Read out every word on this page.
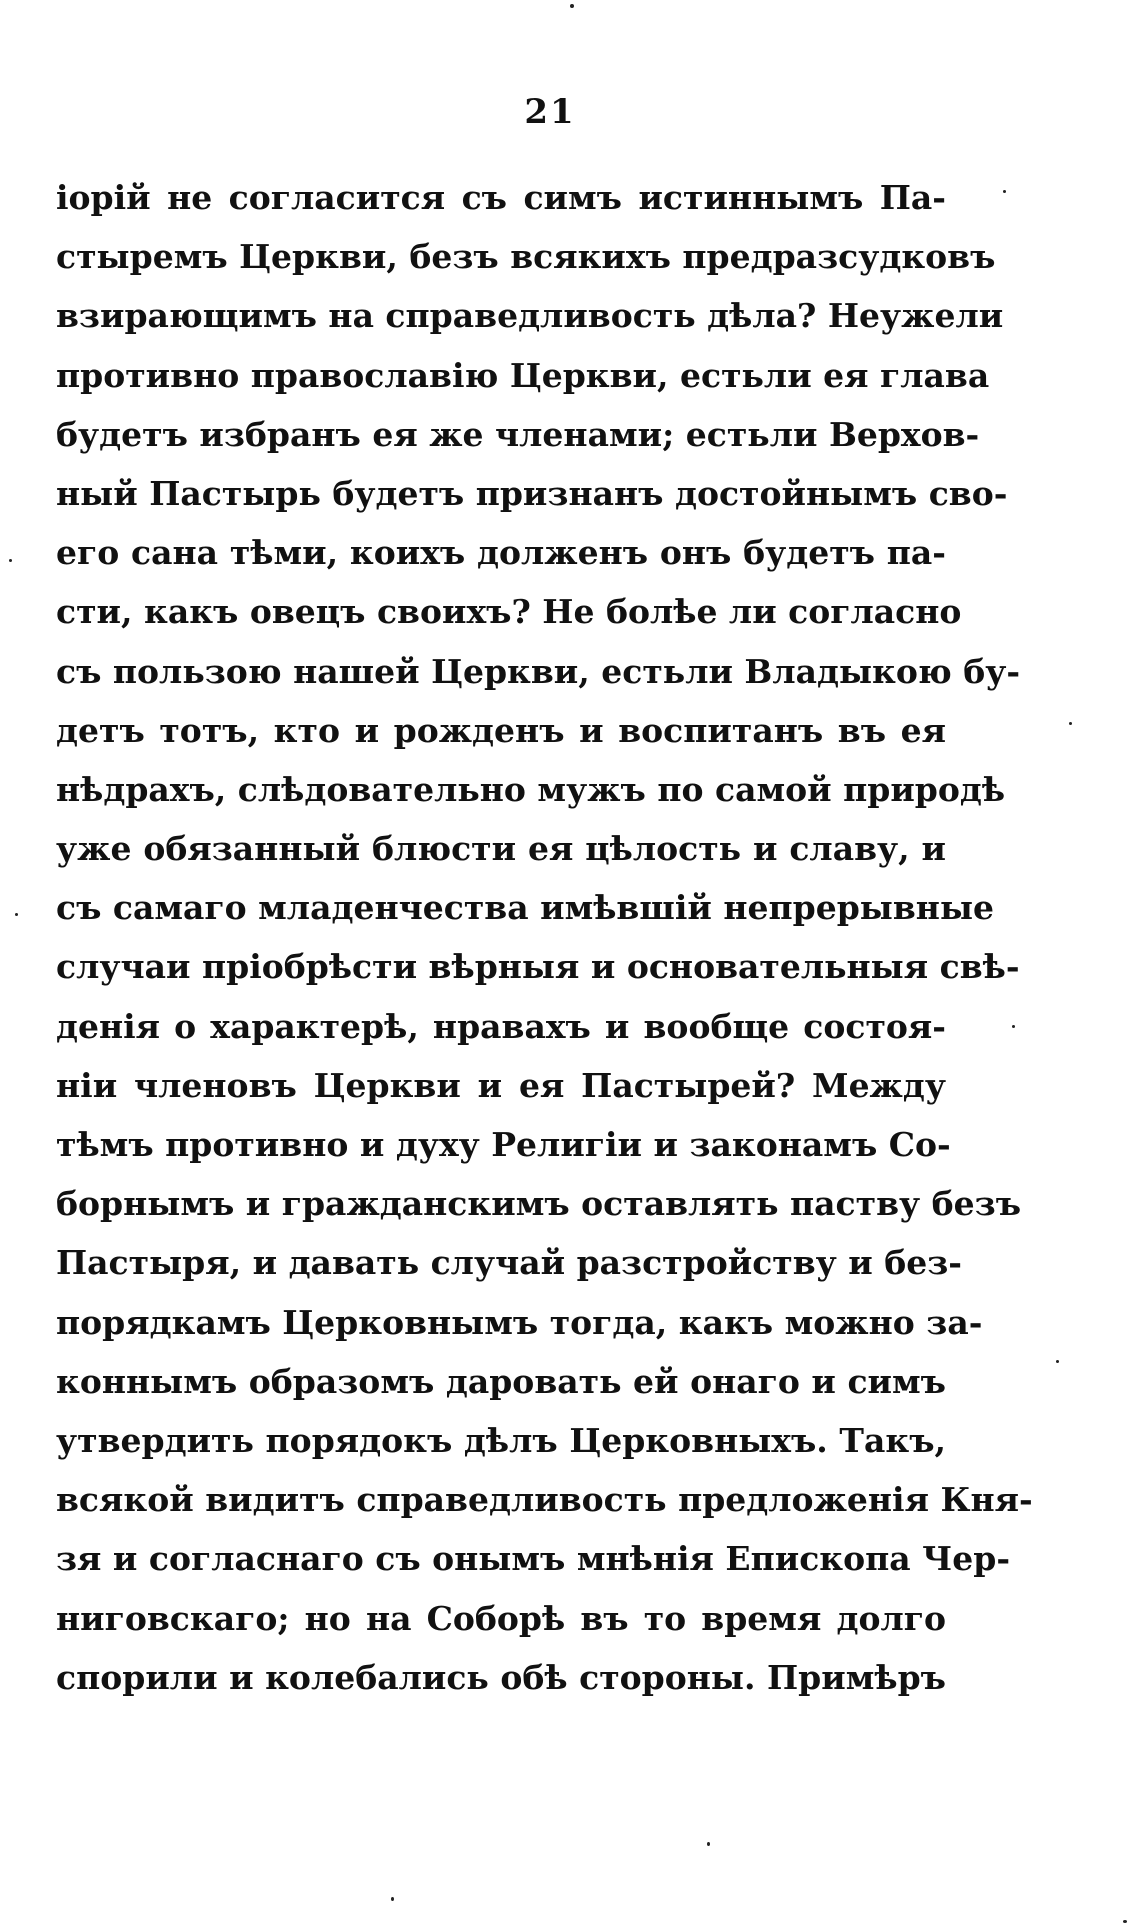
21
іорій не согласится съ симъ истиннымъ Па-
стыремъ Церкви, безъ всякихъ предразсудковъ
взирающимъ на справедливость дѣла? Неужели
противно православію Церкви, естьли ея глава
будетъ избранъ ея же членами; естьли Верхов-
ный Пастырь будетъ признанъ достойнымъ сво-
его сана тѣми, коихъ долженъ онъ будетъ па-
сти, какъ овецъ своихъ? Не болѣе ли согласно
съ пользою нашей Церкви, естьли Владыкою бу-
детъ тотъ, кто и рожденъ и воспитанъ въ ея
нѣдрахъ, слѣдовательно мужъ по самой природѣ
уже обязанный блюсти ея цѣлость и славу, и
съ самаго младенчества имѣвшій непрерывные
случаи пріобрѣсти вѣрныя и основательныя свѣ-
денія о характерѣ, нравахъ и вообще состоя-
ніи членовъ Церкви и ея Пастырей? Между
тѣмъ противно и духу Религіи и законамъ Со-
борнымъ и гражданскимъ оставлять паству безъ
Пастыря, и давать случай разстройству и без-
порядкамъ Церковнымъ тогда, какъ можно за-
коннымъ образомъ даровать ей онаго и симъ
утвердить порядокъ дѣлъ Церковныхъ. Такъ,
всякой видитъ справедливость предложенія Кня-
зя и согласнаго съ онымъ мнѣнія Епископа Чер-
ниговскаго; но на Соборѣ въ то время долго
спорили и колебались обѣ стороны. Примѣръ
